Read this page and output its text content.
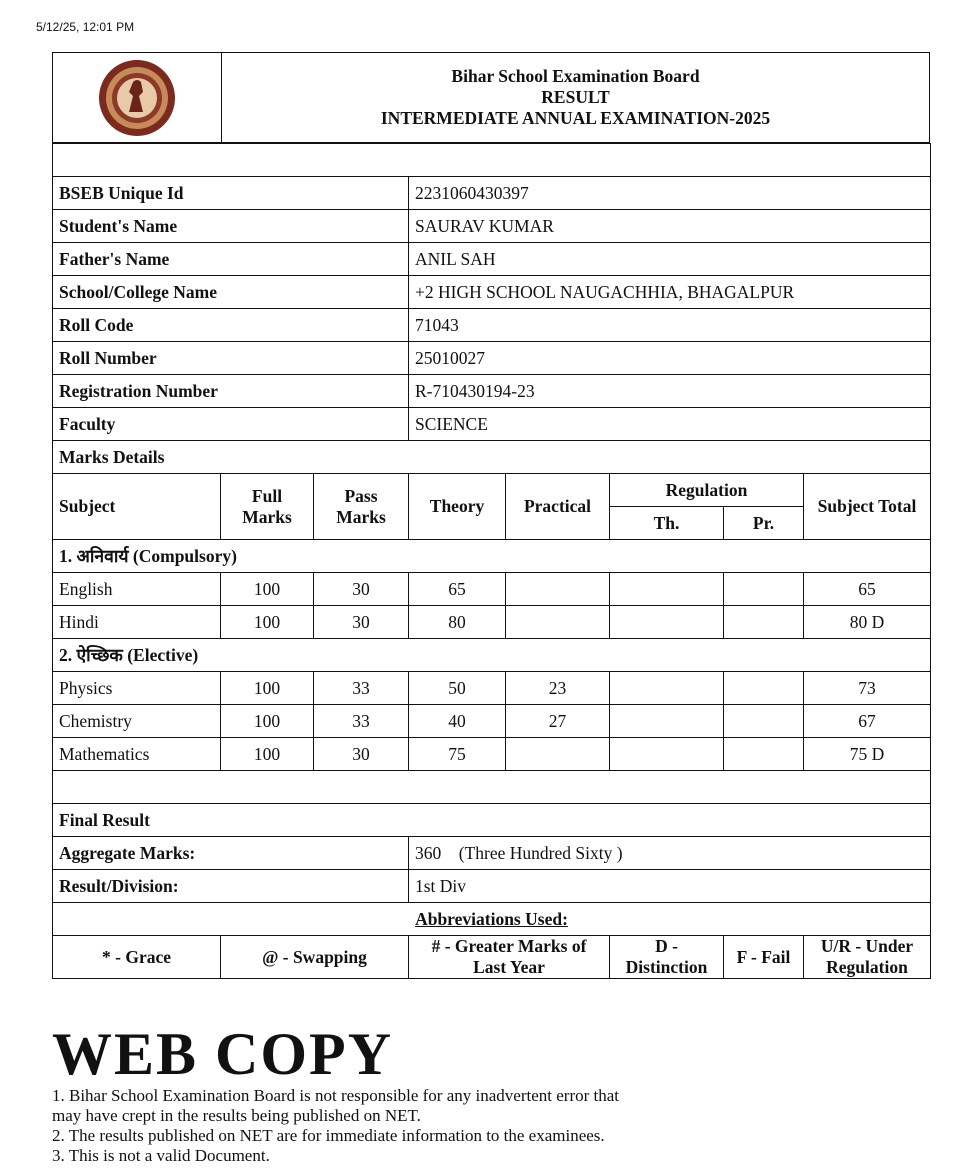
5/12/25, 12:01 PM
Bihar School Examination Board
RESULT
INTERMEDIATE ANNUAL EXAMINATION-2025

BSEB Unique Id			2231060430397				
Student's Name			SAURAV KUMAR				
Father's Name			ANIL SAH				
School/College Name			+2 HIGH SCHOOL NAUGACHHIA, BHAGALPUR				
Roll Code			71043				
Roll Number			25010027				
Registration Number			R-710430194-23				
Faculty			SCIENCE				
Marks Details							
Subject	Full Marks	Pass Marks	Theory	Practical	Regulation		Subject Total
					Th.	Pr.	
1. अनिवार्य (Compulsory)							
English	100	30	65				65
Hindi	100	30	80				80 D
2. ऐच्छिक (Elective)							
Physics	100	33	50	23			73
Chemistry	100	33	40	27			67
Mathematics	100	30	75				75 D

Final Result							
Aggregate Marks:			360 (Three Hundred Sixty )				
Result/Division:			1st Div				
Abbreviations Used:							
* - Grace	@ - Swapping		# - Greater Marks of Last Year		D - Distinction	F - Fail	U/R - Under Regulation
WEB COPY
1. Bihar School Examination Board is not responsible for any inadvertent error that
may have crept in the results being published on NET.
2. The results published on NET are for immediate information to the examinees.
3. This is not a valid Document.
